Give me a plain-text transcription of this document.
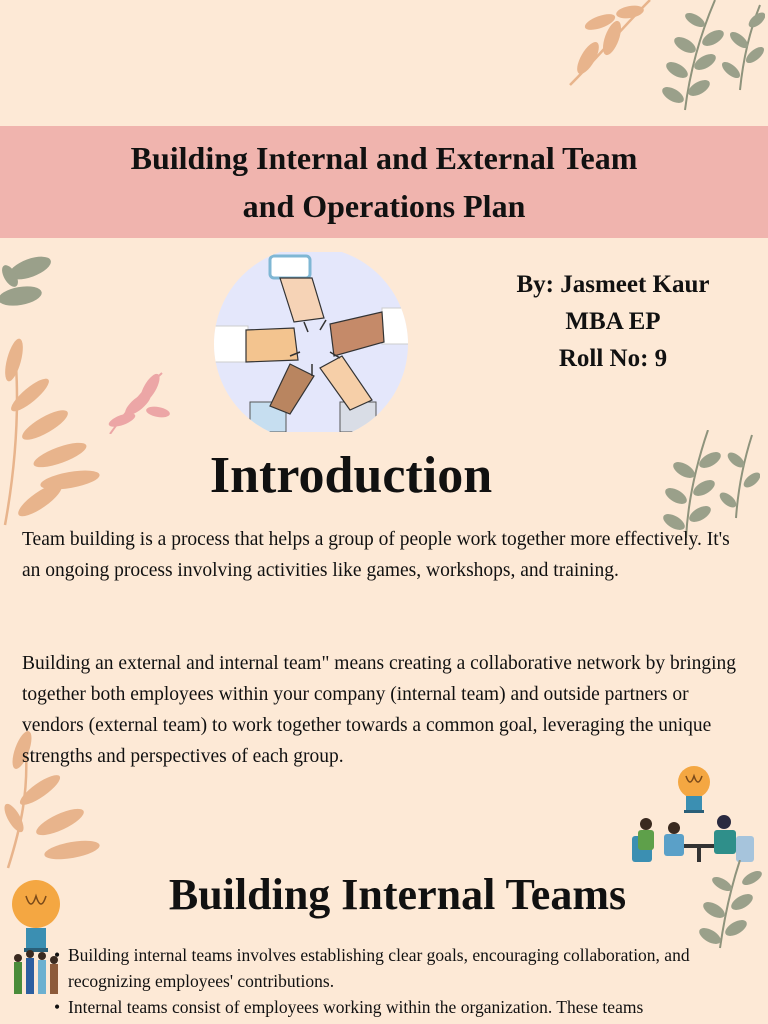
Building Internal and External Team
and Operations Plan
By: Jasmeet Kaur
MBA EP
Roll No: 9
Introduction
Team building is a process that helps a group of people work together more effectively. It's an ongoing process involving activities like games, workshops, and training.
Building an external and internal team" means creating a collaborative network by bringing together both employees within your company (internal team) and outside partners or vendors (external team) to work together towards a common goal, leveraging the unique strengths and perspectives of each group.
Building Internal Teams
• Building internal teams involves establishing clear goals, encouraging collaboration, and recognizing employees' contributions.
• Internal teams consist of employees working within the organization. These teams
